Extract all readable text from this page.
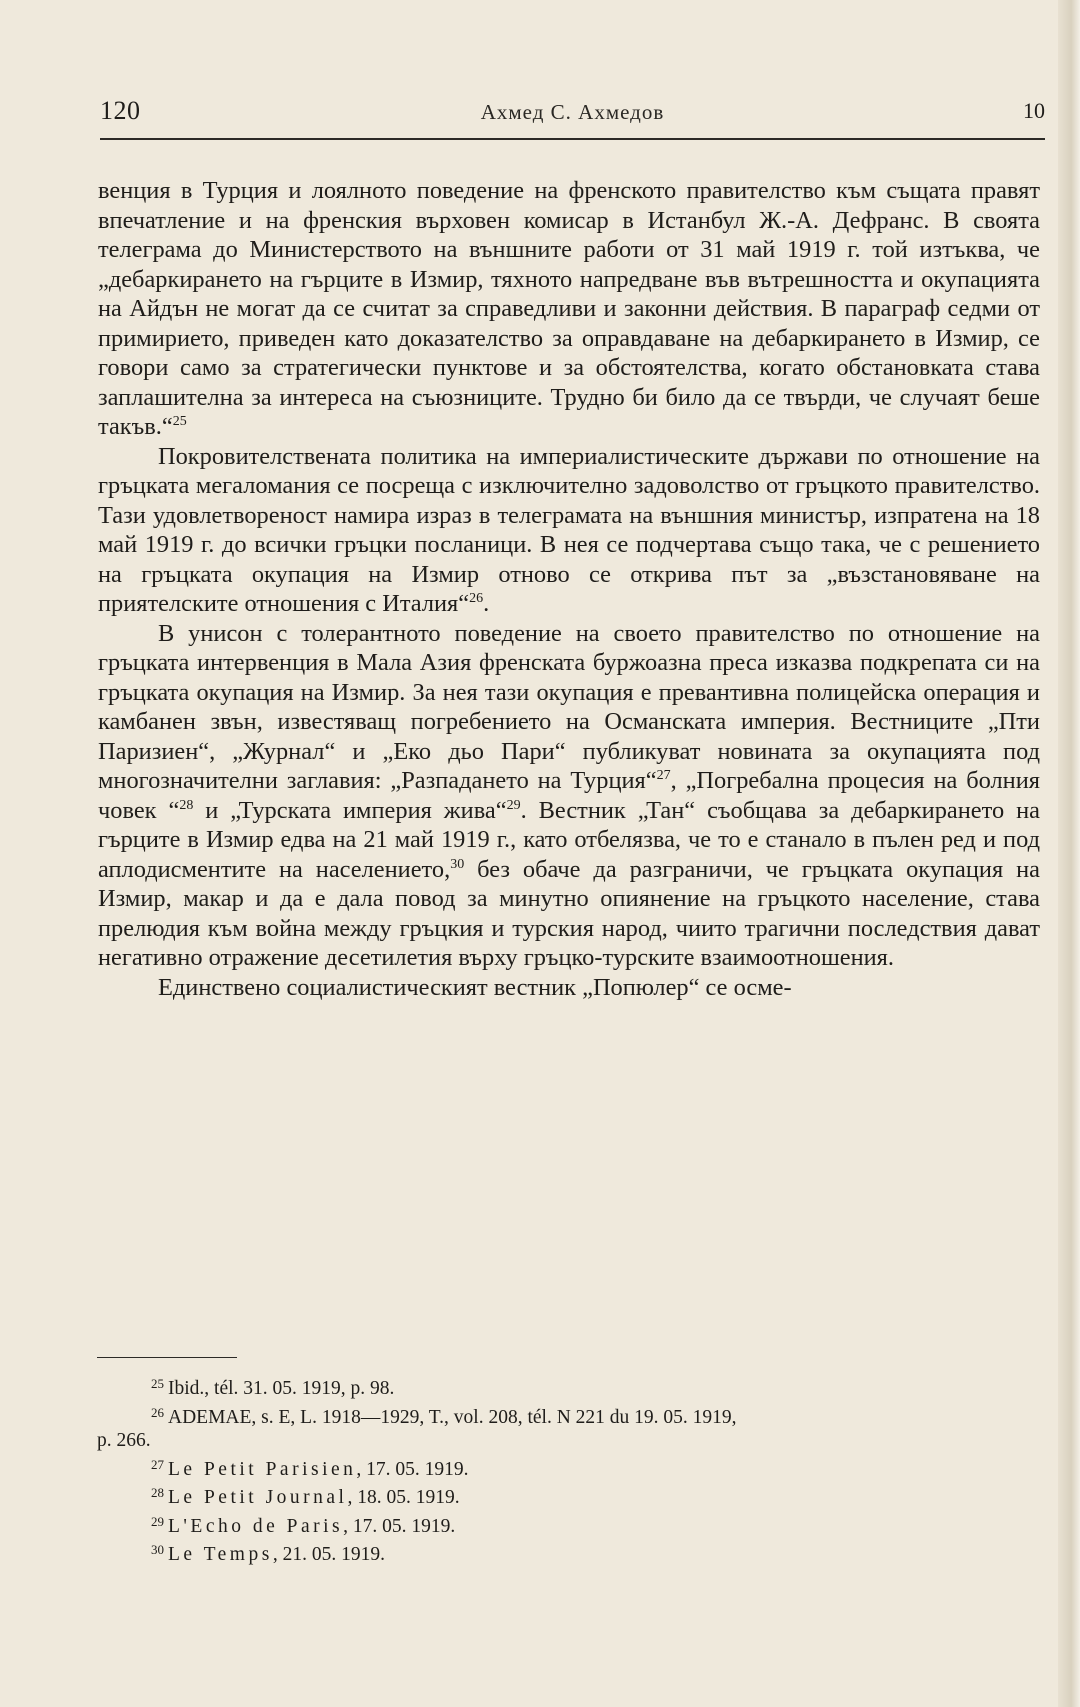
120	Ахмед С. Ахмедов	10

венция в Турция и лоялното поведение на френското правителство към същата правят впечатление и на френския върховен комисар в Истанбул Ж.-А. Дефранс. В своята телеграма до Министерството на външните работи от 31 май 1919 г. той изтъква, че „дебаркирането на гърците в Измир, тяхното напредване във вътрешността и окупацията на Айдън не могат да се считат за справедливи и законни действия. В параграф седми от примирието, приведен като доказателство за оправдаване на дебаркирането в Измир, се говори само за стратегически пунктове и за обстоятелства, когато обстановката става заплашителна за интереса на съюзниците. Трудно би било да се твърди, че случаят беше такъв.“$^{25}$

Покровителствената политика на империалистическите държави по отношение на гръцката мегаломания се посреща с изключително задоволство от гръцкото правителство. Тази удовлетвореност намира израз в телеграмата на външния министър, изпратена на 18 май 1919 г. до всички гръцки посланици. В нея се подчертава също така, че с решението на гръцката окупация на Измир отново се открива път за „възстановяване на приятелските отношения с Италия“$^{26}$.

В унисон с толерантното поведение на своето правителство по отношение на гръцката интервенция в Мала Азия френската буржоазна преса изказва подкрепата си на гръцката окупация на Измир. За нея тази окупация е превантивна полицейска операция и камбанен звън, известяващ погребението на Османската империя. Вестниците „Пти Паризиен“, „Журнал“ и „Еко дьо Пари“ публикуват новината за окупацията под многозначителни заглавия: „Разпадането на Турция“$^{27}$, „Погребална процесия на болния човек “$^{28}$ и „Турската империя жива“$^{29}$. Вестник „Тан“ съобщава за дебаркирането на гърците в Измир едва на 21 май 1919 г., като отбелязва, че то е станало в пълен ред и под аплодисментите на населението,$^{30}$ без обаче да разграничи, че гръцката окупация на Измир, макар и да е дала повод за минутно опиянение на гръцкото население, става прелюдия към война между гръцкия и турския народ, чиито трагични последствия дават негативно отражение десетилетия върху гръцко-турските взаимоотношения.

Единствено социалистическият вестник „Попюлер“ се осме-

$^{25}$ Ibid., tél. 31. 05. 1919, p. 98.

$^{26}$ ADEMAE, s. E, L. 1918—1929, T., vol. 208, tél. N 221 du 19. 05. 1919,

p. 266.

$^{27}$ Le Petit Parisien, 17. 05. 1919.

$^{28}$ Le Petit Journal, 18. 05. 1919.

$^{29}$ L'Echo de Paris, 17. 05. 1919.

$^{30}$ Le Temps, 21. 05. 1919.
